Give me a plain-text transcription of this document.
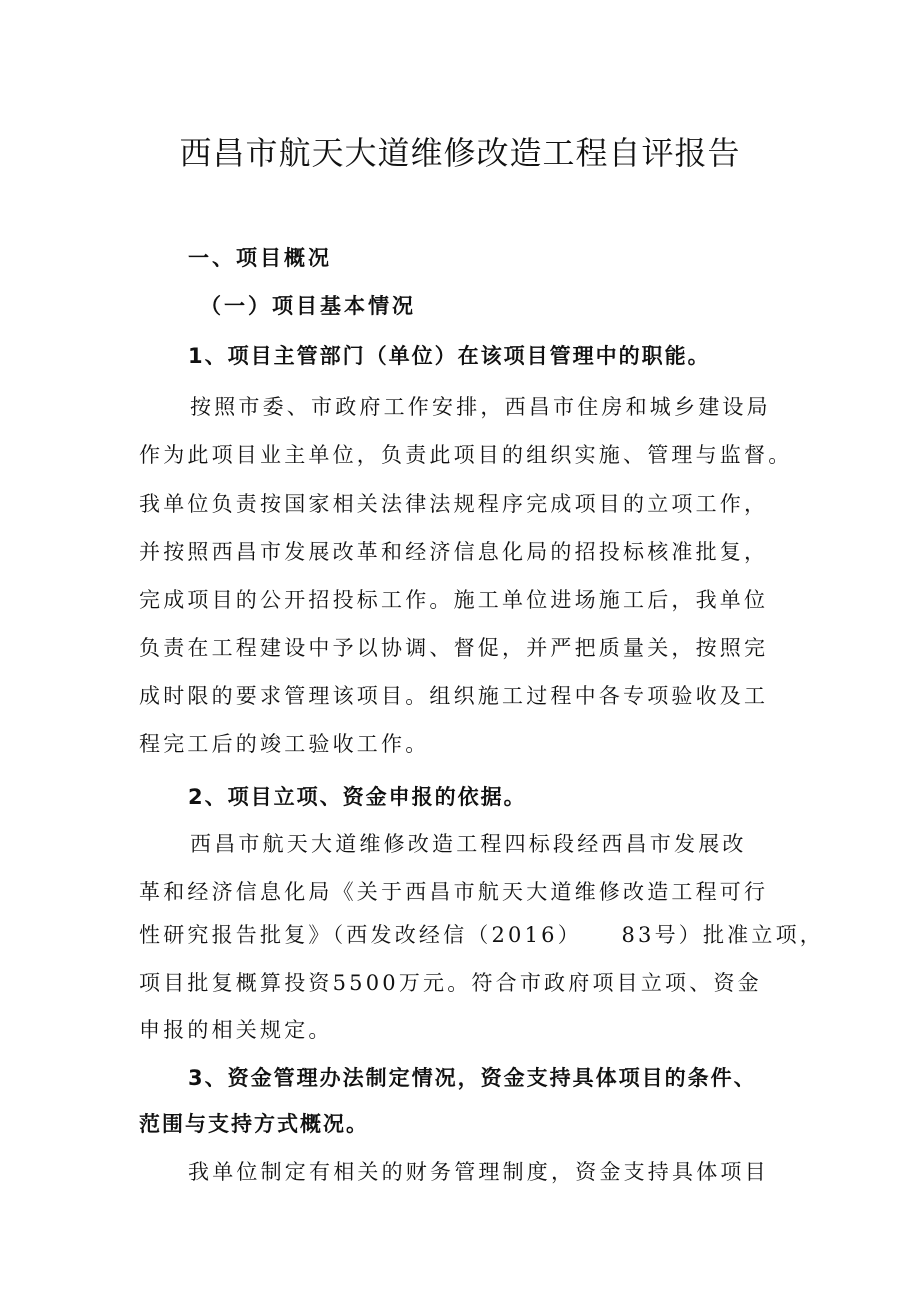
西昌市航天大道维修改造工程自评报告
一、项目概况
（一）项目基本情况
1、项目主管部门（单位）在该项目管理中的职能。
按照市委、市政府工作安排，西昌市住房和城乡建设局
作为此项目业主单位，负责此项目的组织实施、管理与监督。
我单位负责按国家相关法律法规程序完成项目的立项工作，
并按照西昌市发展改革和经济信息化局的招投标核准批复，
完成项目的公开招投标工作。施工单位进场施工后，我单位
负责在工程建设中予以协调、督促，并严把质量关，按照完
成时限的要求管理该项目。组织施工过程中各专项验收及工
程完工后的竣工验收工作。
2、项目立项、资金申报的依据。
西昌市航天大道维修改造工程四标段经西昌市发展改
革和经济信息化局《关于西昌市航天大道维修改造工程可行
性研究报告批复》（西发改经信（2016）    83号）批准立项，
项目批复概算投资5500万元。符合市政府项目立项、资金
申报的相关规定。
3、资金管理办法制定情况，资金支持具体项目的条件、
范围与支持方式概况。
我单位制定有相关的财务管理制度，资金支持具体项目
